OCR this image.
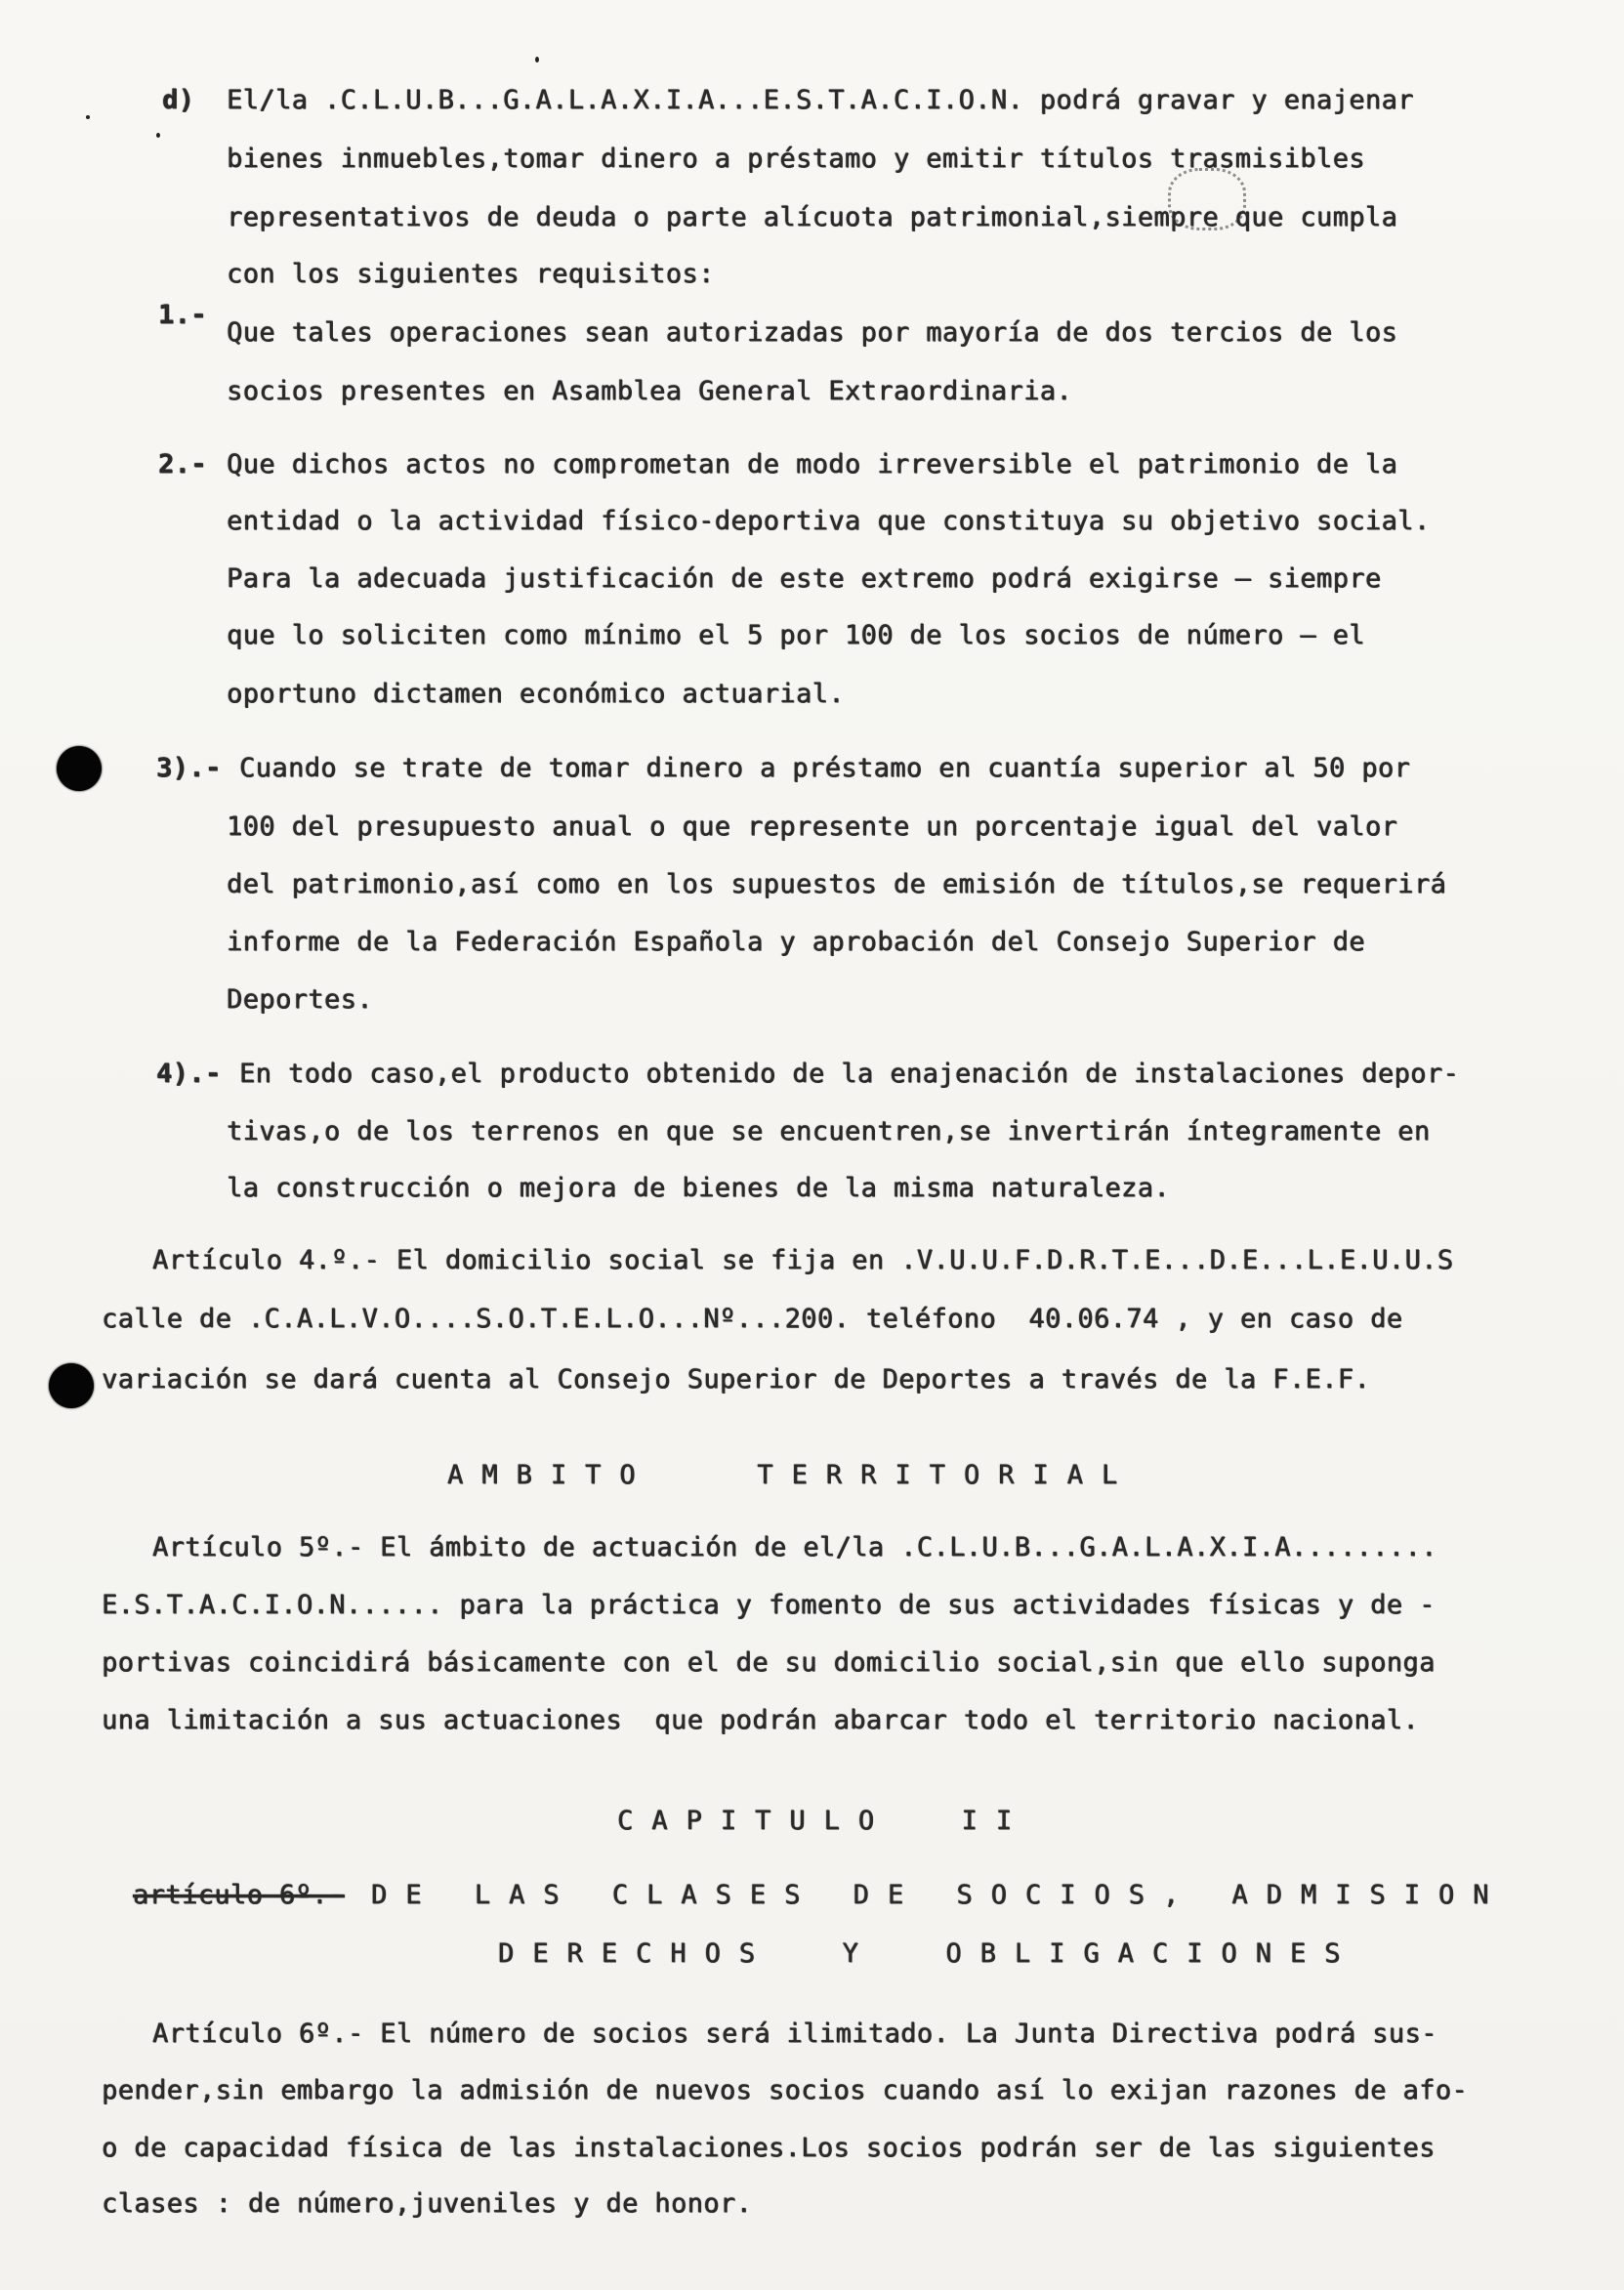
d) El/la .C.L.U.B...G.A.L.A.X.I.A...E.S.T.A.C.I.O.N. podrá gravar y enajenar
bienes inmuebles,tomar dinero a préstamo y emitir títulos trasmisibles
representativos de deuda o parte alícuota patrimonial,siempre que cumpla
con los siguientes requisitos:
1.-
Que tales operaciones sean autorizadas por mayoría de dos tercios de los
socios presentes en Asamblea General Extraordinaria.
2.- Que dichos actos no comprometan de modo irreversible el patrimonio de la
entidad o la actividad físico-deportiva que constituya su objetivo social.
Para la adecuada justificación de este extremo podrá exigirse — siempre
que lo soliciten como mínimo el 5 por 100 de los socios de número — el
oportuno dictamen económico actuarial.
3).- Cuando se trate de tomar dinero a préstamo en cuantía superior al 50 por
100 del presupuesto anual o que represente un porcentaje igual del valor
del patrimonio,así como en los supuestos de emisión de títulos,se requerirá
informe de la Federación Española y aprobación del Consejo Superior de
Deportes.
4).- En todo caso,el producto obtenido de la enajenación de instalaciones depor-
tivas,o de los terrenos en que se encuentren,se invertirán íntegramente en
la construcción o mejora de bienes de la misma naturaleza.
Artículo 4.º.- El domicilio social se fija en .V.U.U.F.D.R.T.E...D.E...L.E.U.U.S
calle de .C.A.L.V.O....S.O.T.E.L.O...Nº...200. teléfono  40.06.74 , y en caso de
variación se dará cuenta al Consejo Superior de Deportes a través de la F.E.F.
AMBITO   TERRITORIAL
Artículo 5º.- El ámbito de actuación de el/la .C.L.U.B...G.A.L.A.X.I.A.........
E.S.T.A.C.I.O.N...... para la práctica y fomento de sus actividades físicas y de -
portivas coincidirá básicamente con el de su domicilio social,sin que ello suponga
una limitación a sus actuaciones  que podrán abarcar todo el territorio nacional.
CAPITULO  II
artículo 6º.- DE LAS CLASES DE SOCIOS, ADMISION
DERECHOS  Y  OBLIGACIONES
Artículo 6º.- El número de socios será ilimitado. La Junta Directiva podrá sus-
pender,sin embargo la admisión de nuevos socios cuando así lo exijan razones de afo-
o de capacidad física de las instalaciones.Los socios podrán ser de las siguientes
clases : de número,juveniles y de honor.
